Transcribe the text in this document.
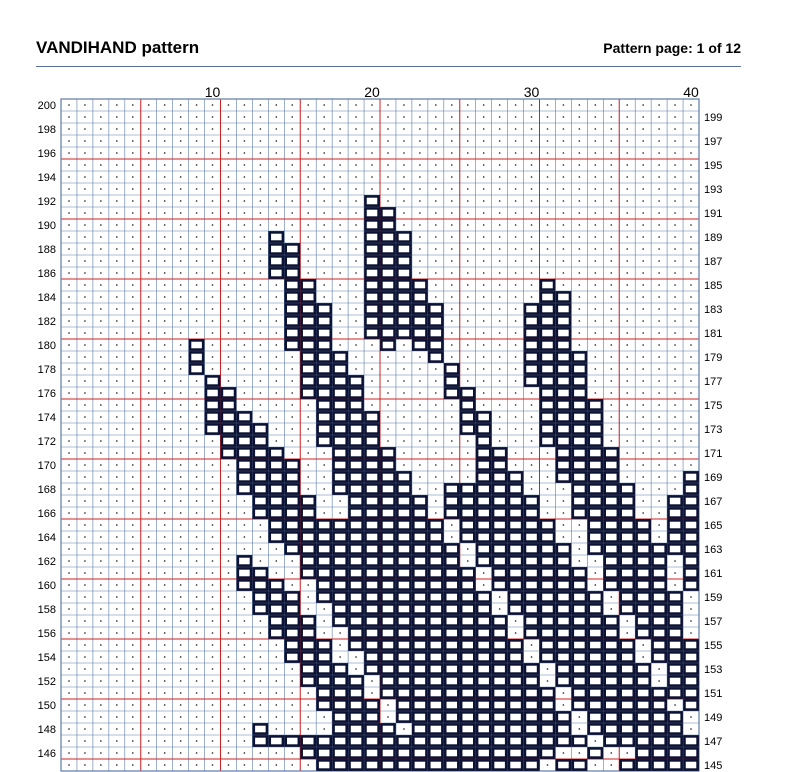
VANDIHAND pattern	Pattern page: 1 of 12
10	20	30	40
200
198
196
194
192
190
188
186
184
182
180
178
176
174
172
170
168
166
164
162
160
158
156
154
152
150
148
146
199
197
195
193
191
189
187
185
183
181
179
177
175
173
171
169
167
165
163
161
159
157
155
153
151
149
147
145
